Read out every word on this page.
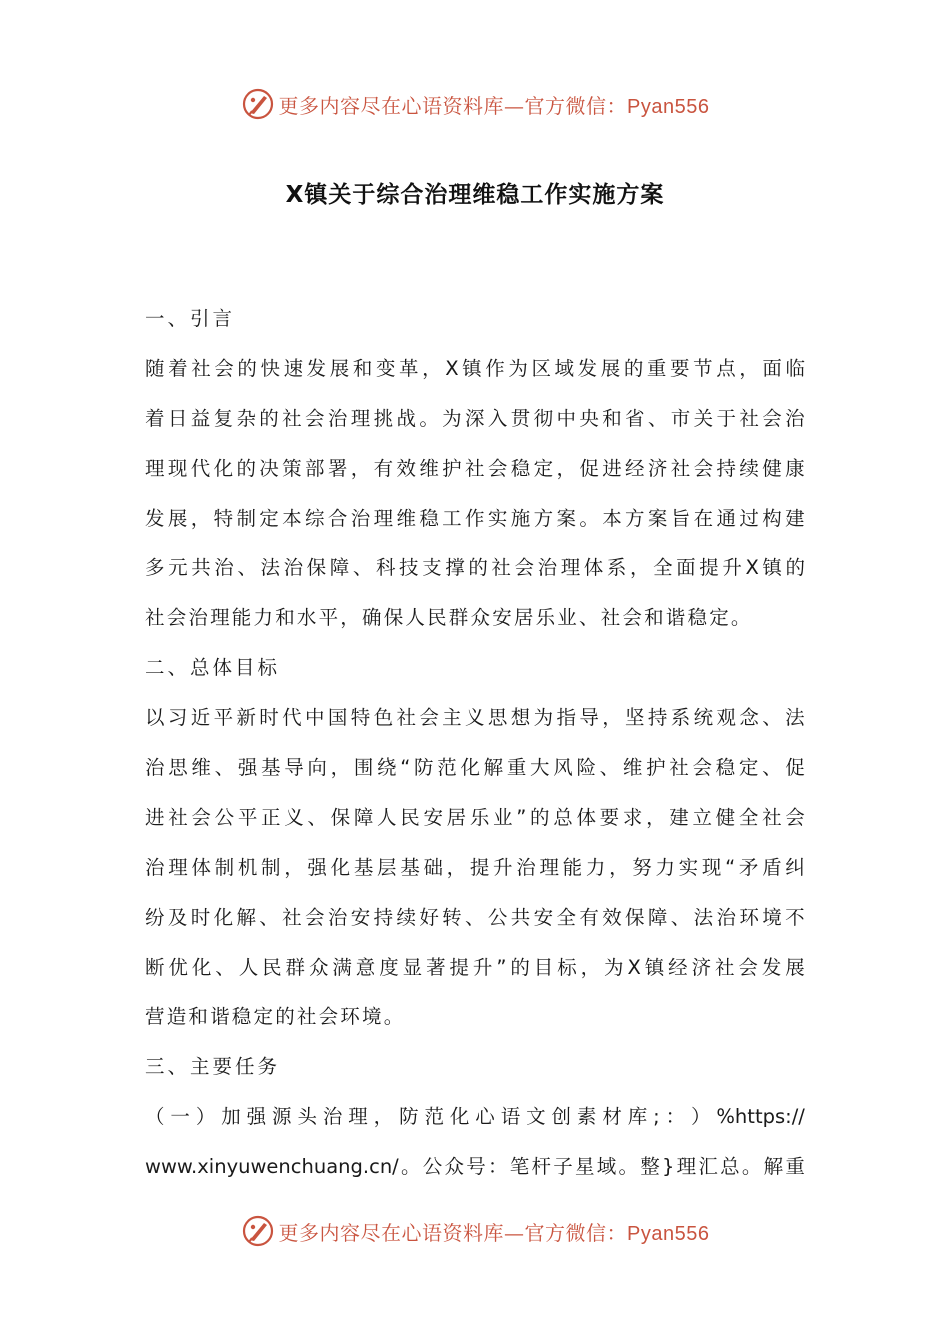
更多内容尽在心语资料库—官方微信：Pyan556
X镇关于综合治理维稳工作实施方案
一、引言
随 着 社 会 的 快 速 发 展 和 变 革 ， X 镇 作 为 区 域 发 展 的 重 要 节 点 ， 面 临
着 日 益 复 杂 的 社 会 治 理 挑 战 。 为 深 入 贯 彻 中 央 和 省 、 市 关 于 社 会 治
理 现 代 化 的 决 策 部 署 ， 有 效 维 护 社 会 稳 定 ， 促 进 经 济 社 会 持 续 健 康
发 展 ， 特 制 定 本 综 合 治 理 维 稳 工 作 实 施 方 案 。 本 方 案 旨 在 通 过 构 建
多 元 共 治 、 法 治 保 障 、 科 技 支 撑 的 社 会 治 理 体 系 ， 全 面 提 升 X 镇 的
社会治理能力和水平，确保人民群众安居乐业、社会和谐稳定。
二、总体目标
以 习 近 平 新 时 代 中 国 特 色 社 会 主 义 思 想 为 指 导 ， 坚 持 系 统 观 念 、 法
治 思 维 、 强 基 导 向 ， 围 绕 “ 防 范 化 解 重 大 风 险 、 维 护 社 会 稳 定 、 促
进 社 会 公 平 正 义 、 保 障 人 民 安 居 乐 业 ” 的 总 体 要 求 ， 建 立 健 全 社 会
治 理 体 制 机 制 ， 强 化 基 层 基 础 ， 提 升 治 理 能 力 ， 努 力 实 现 “ 矛 盾 纠
纷 及 时 化 解 、 社 会 治 安 持 续 好 转 、 公 共 安 全 有 效 保 障 、 法 治 环 境 不
断 优 化 、 人 民 群 众 满 意 度 显 著 提 升 ” 的 目 标 ， 为 X 镇 经 济 社 会 发 展
营造和谐稳定的社会环境。
三、主要任务
（ 一 ） 加 强 源 头 治 理 ， 防 范 化 心 语 文 创 素 材 库 ; ： ） %https://
www.xinyuwenchuang.cn/ 。 公 众 号 ： 笔 杆 子 星 域 。 整 } 理 汇 总 。 解 重
更多内容尽在心语资料库—官方微信：Pyan556
